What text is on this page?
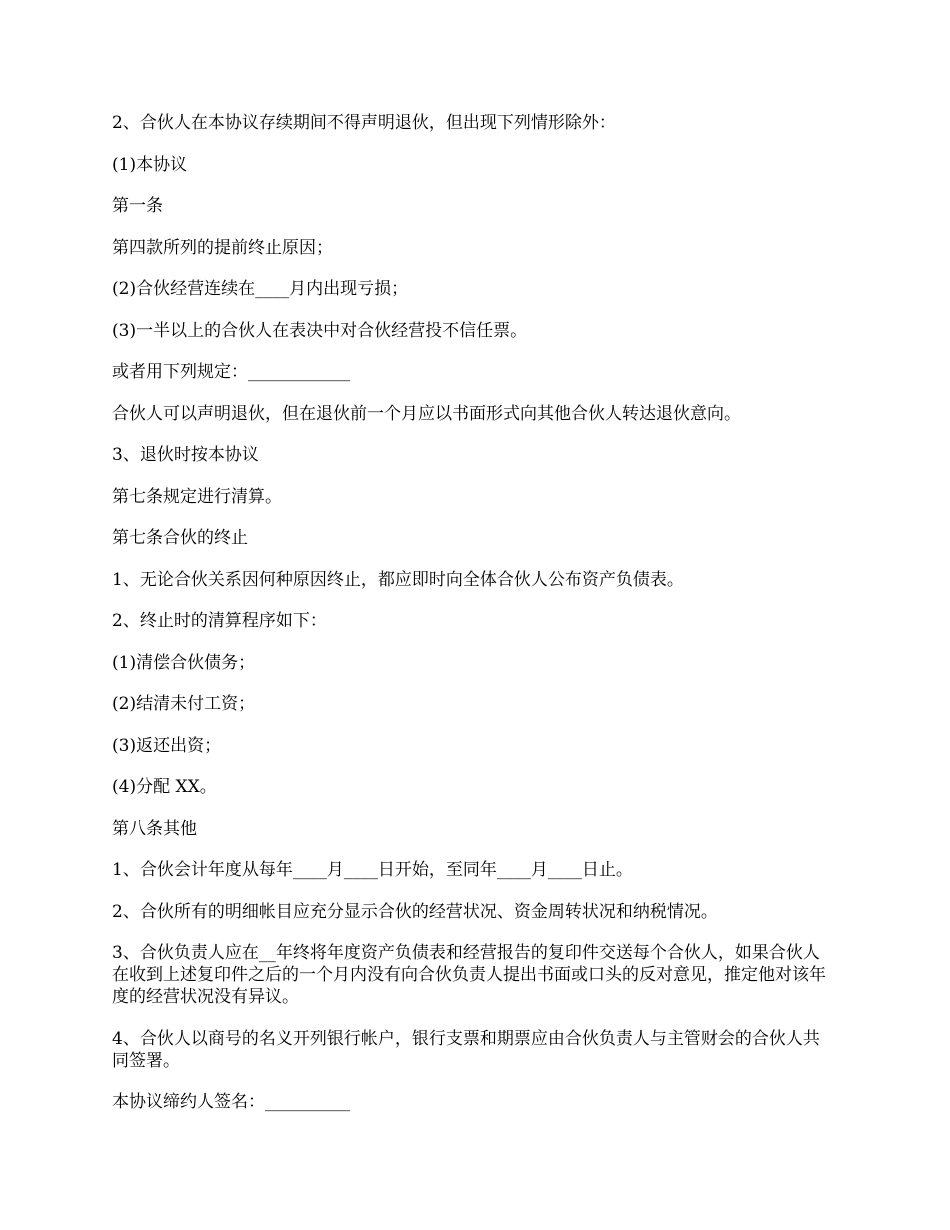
2、合伙人在本协议存续期间不得声明退伙，但出现下列情形除外：

(1)本协议

第一条

第四款所列的提前终止原因；

(2)合伙经营连续在____月内出现亏损；

(3)一半以上的合伙人在表决中对合伙经营投不信任票。

或者用下列规定：____________

合伙人可以声明退伙，但在退伙前一个月应以书面形式向其他合伙人转达退伙意向。

3、退伙时按本协议

第七条规定进行清算。

第七条合伙的终止

1、无论合伙关系因何种原因终止，都应即时向全体合伙人公布资产负债表。

2、终止时的清算程序如下：

(1)清偿合伙债务；

(2)结清未付工资；

(3)返还出资；

(4)分配 XX。

第八条其他

1、合伙会计年度从每年____月____日开始，至同年____月____日止。

2、合伙所有的明细帐目应充分显示合伙的经营状况、资金周转状况和纳税情况。

3、合伙负责人应在__年终将年度资产负债表和经营报告的复印件交送每个合伙人，如果合伙人在收到上述复印件之后的一个月内没有向合伙负责人提出书面或口头的反对意见，推定他对该年度的经营状况没有异议。

4、合伙人以商号的名义开列银行帐户，银行支票和期票应由合伙负责人与主管财会的合伙人共同签署。

本协议缔约人签名：__________
